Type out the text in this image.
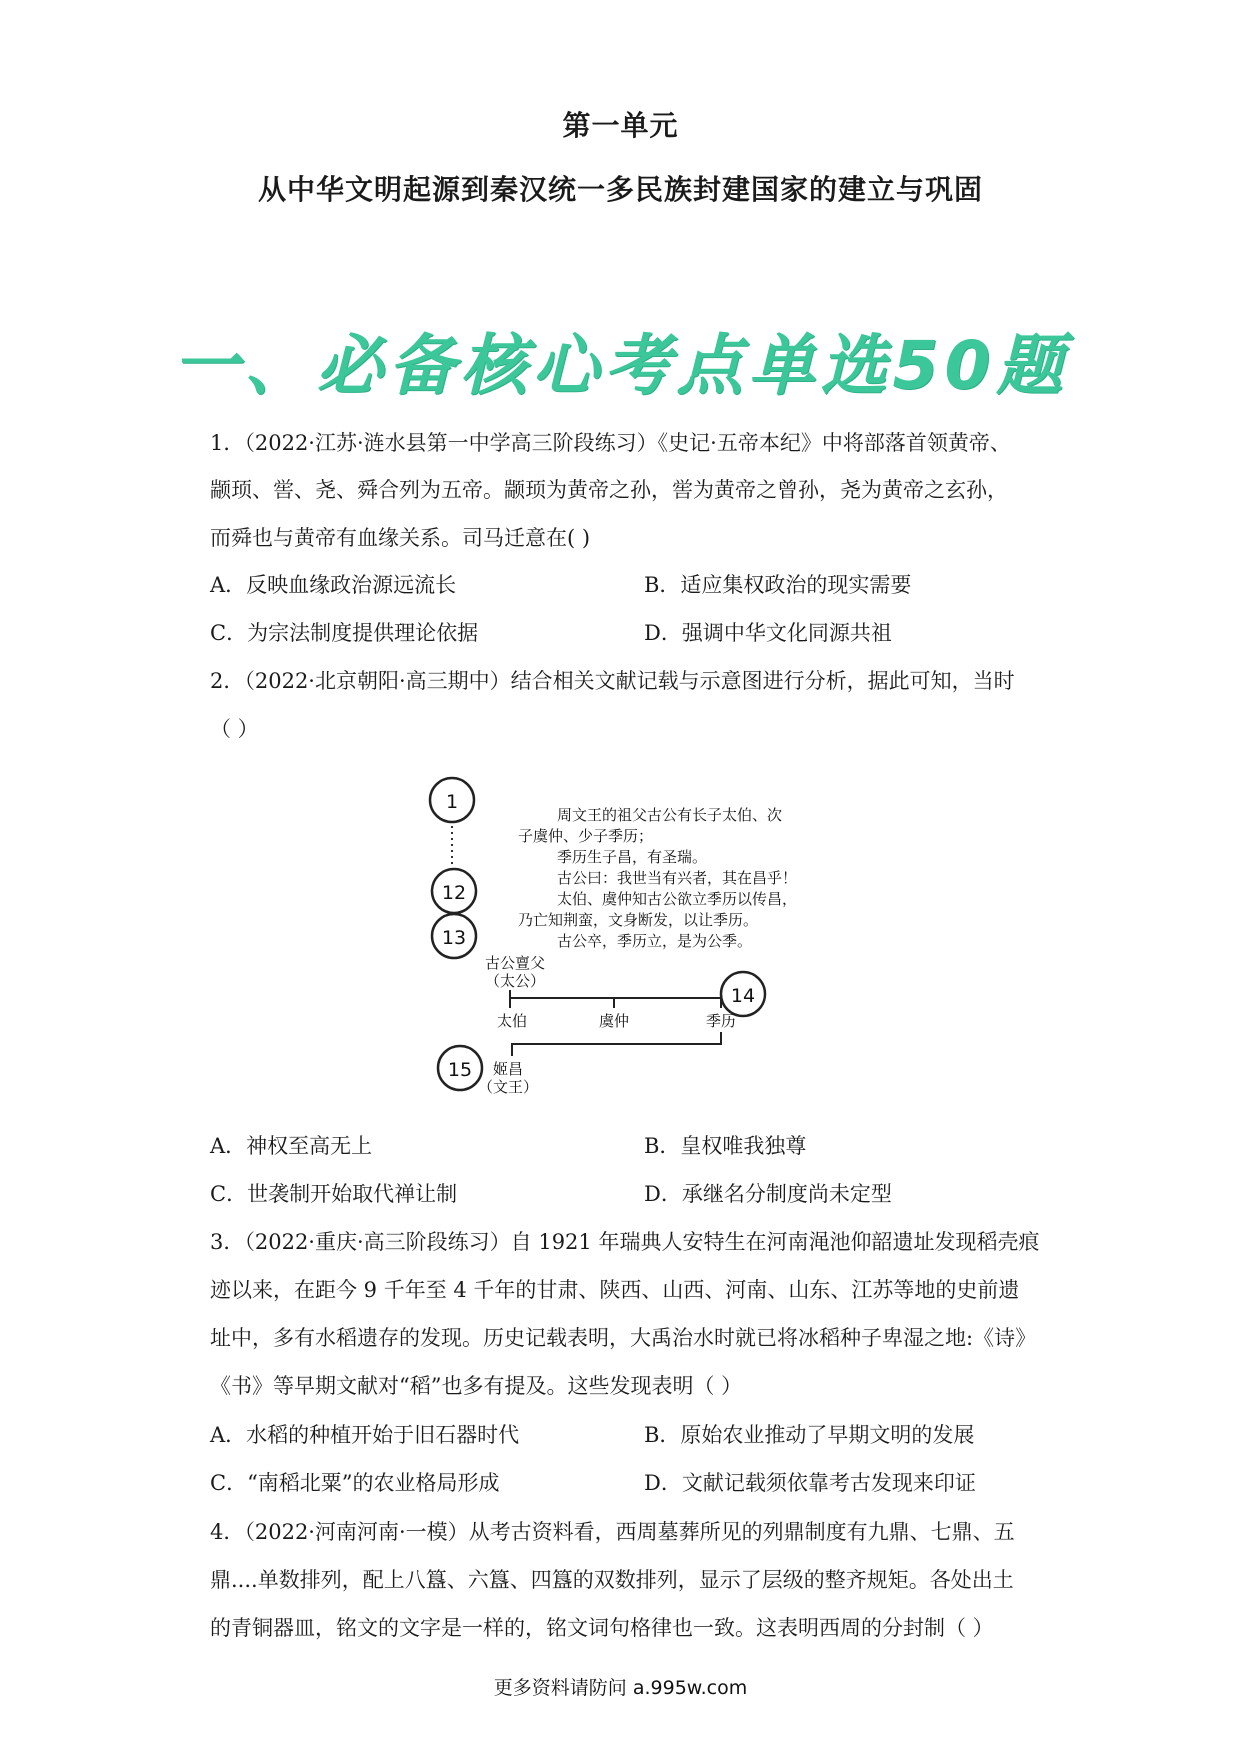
第一单元
从中华文明起源到秦汉统一多民族封建国家的建立与巩固
一、必备核心考点单选50题
1．（2022·江苏·涟水县第一中学高三阶段练习）《史记·五帝本纪》中将部落首领黄帝、
颛顼、喾、尧、舜合列为五帝。颛顼为黄帝之孙，喾为黄帝之曾孙，尧为黄帝之玄孙，
而舜也与黄帝有血缘关系。司马迁意在( )
A．反映血缘政治源远流长	B．适应集权政治的现实需要
C．为宗法制度提供理论依据	D．强调中华文化同源共祖
2．（2022·北京朝阳·高三期中）结合相关文献记载与示意图进行分析，据此可知，当时
（ ）
1
12
13
14
15
周文王的祖父古公有长子太伯、次
子虞仲、少子季历；
季历生子昌，有圣瑞。
古公曰：我世当有兴者，其在昌乎！
太伯、虞仲知古公欲立季历以传昌，
乃亡知荆蛮，文身断发，以让季历。
古公卒，季历立，是为公季。
古公亶父
（太公）
太伯	虞仲	季历
姬昌
（文王）
A．神权至高无上	B．皇权唯我独尊
C．世袭制开始取代禅让制	D．承继名分制度尚未定型
3．（2022·重庆·高三阶段练习）自 1921 年瑞典人安特生在河南渑池仰韶遗址发现稻壳痕
迹以来，在距今 9 千年至 4 千年的甘肃、陕西、山西、河南、山东、江苏等地的史前遗
址中，多有水稻遗存的发现。历史记载表明，大禹治水时就已将冰稻种子卑湿之地:《诗》
《书》等早期文献对“稻”也多有提及。这些发现表明（ ）
A．水稻的种植开始于旧石器时代	B．原始农业推动了早期文明的发展
C．“南稻北粟”的农业格局形成	D．文献记载须依靠考古发现来印证
4．（2022·河南河南·一模）从考古资料看，西周墓葬所见的列鼎制度有九鼎、七鼎、五
鼎....单数排列，配上八簋、六簋、四簋的双数排列，显示了层级的整齐规矩。各处出土
的青铜器皿，铭文的文字是一样的，铭文词句格律也一致。这表明西周的分封制（ ）
更多资料请防问 a.995w.com
